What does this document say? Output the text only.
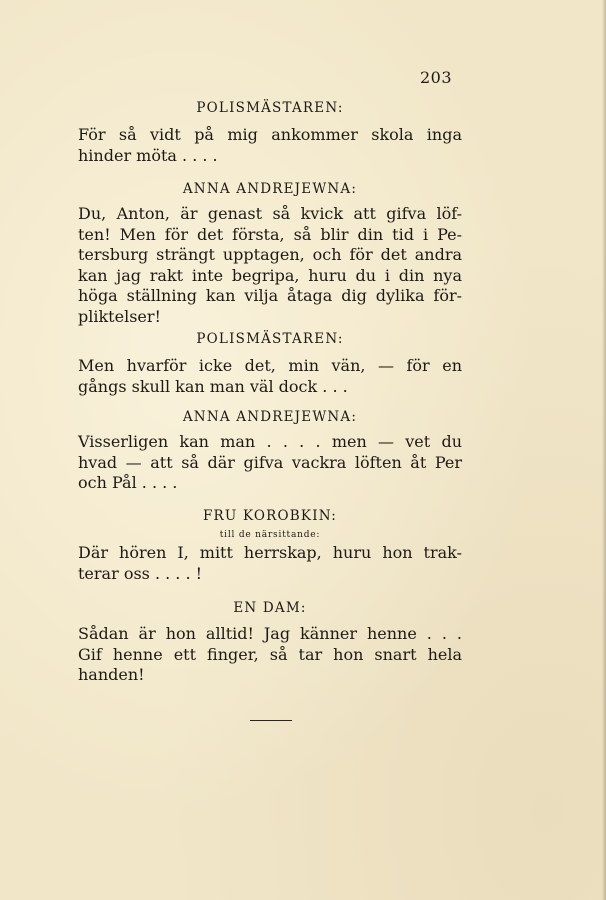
203
POLISMÄSTAREN:
För så vidt på mig ankommer skola inga
hinder möta . . . .
ANNA ANDREJEWNA:
Du, Anton, är genast så kvick att gifva löf-
ten! Men för det första, så blir din tid i Pe-
tersburg strängt upptagen, och för det andra
kan jag rakt inte begripa, huru du i din nya
höga ställning kan vilja åtaga dig dylika för-
pliktelser!
POLISMÄSTAREN:
Men hvarför icke det, min vän, — för en
gångs skull kan man väl dock . . .
ANNA ANDREJEWNA:
Visserligen kan man . . . . men — vet du
hvad — att så där gifva vackra löften åt Per
och Pål . . . .
FRU KOROBKIN:
till de närsittande:
Där hören I, mitt herrskap, huru hon trak-
terar oss . . . . !
EN DAM:
Sådan är hon alltid! Jag känner henne . . .
Gif henne ett finger, så tar hon snart hela
handen!
